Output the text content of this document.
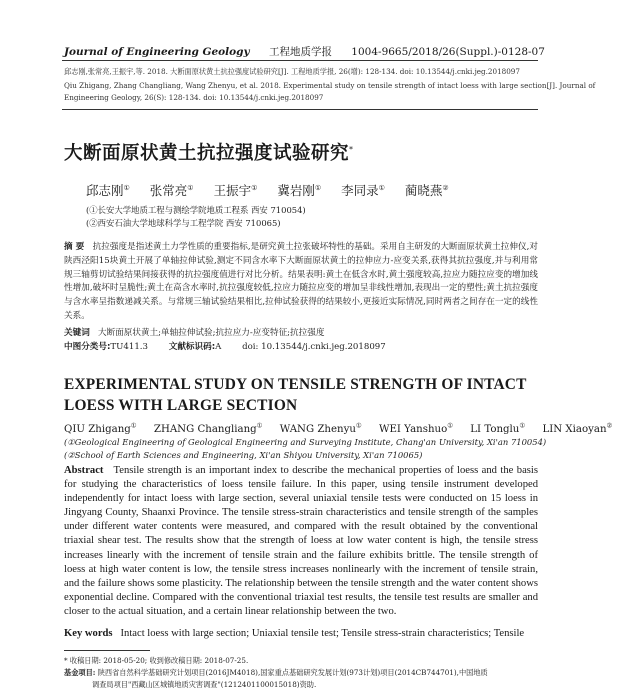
Journal of Engineering Geology 工程地质学报 1004-9665/2018/26(Suppl.)-0128-07
邱志刚,张常亮,王振宇,等. 2018. 大断面原状黄土抗拉强度试验研究[J]. 工程地质学报, 26(增): 128-134. doi: 10.13544/j.cnki.jeg.2018097
Qiu Zhigang, Zhang Changliang, Wang Zhenyu, et al. 2018. Experimental study on tensile strength of intact loess with large section[J]. Journal of
Engineering Geology, 26(S): 128-134. doi: 10.13544/j.cnki.jeg.2018097
大断面原状黄土抗拉强度试验研究*
邱志刚① 张常亮① 王振宇① 冀岩刚① 李同录① 蔺晓燕②
(①长安大学地质工程与测绘学院地质工程系 西安 710054)
(②西安石油大学地球科学与工程学院 西安 710065)
摘 要 抗拉强度是指述黄土力学性质的重要指标,是研究黄土拉张破坏特性的基础。采用自主研发的大断面原状黄土拉伸仪,对陕西泾阳15块黄土开展了单轴拉伸试验,测定不同含水率下大断面原状黄土的拉伸应力-应变关系,获得其抗拉强度,并与利用常规三轴剪切试验结果间接获得的抗拉强度值进行对比分析。结果表明:黄土在低含水时,黄土强度较高,拉应力随拉应变的增加线性增加,破坏时呈脆性;黄土在高含水率时,抗拉强度较低,拉应力随拉应变的增加呈非线性增加,表现出一定的塑性;黄土抗拉强度与含水率呈指数递减关系。与常规三轴试验结果相比,拉伸试验获得的结果较小,更接近实际情况,同时两者之间存在一定的线性关系。
关键词 大断面原状黄土;单轴拉伸试验;抗拉应力-应变特征;抗拉强度
中图分类号:TU411.3 文献标识码:A doi: 10.13544/j.cnki.jeg.2018097
EXPERIMENTAL STUDY ON TENSILE STRENGTH OF INTACT LOESS WITH LARGE SECTION
QIU Zhigang① ZHANG Changliang① WANG Zhenyu① WEI Yanshuo① LI Tonglu① LIN Xiaoyan②
(①Geological Engineering of Geological Engineering and Surveying Institute, Chang'an University, Xi'an 710054)
(②School of Earth Sciences and Engineering, Xi'an Shiyou University, Xi'an 710065)
Abstract Tensile strength is an important index to describe the mechanical properties of loess and the basis for studying the characteristics of loess tensile failure. In this paper, using tensile instrument developed independently for intact loess with large section, several uniaxial tensile tests were conducted on 15 loess in Jingyang County, Shaanxi Province. The tensile stress-strain characteristics and tensile strength of the samples under different water contents were measured, and compared with the result obtained by the conventional triaxial shear test. The results show that the strength of loess at low water content is high, the tensile stress increases linearly with the increment of tensile strain and the failure exhibits brittle. The tensile strength of loess at high water content is low, the tensile stress increases nonlinearly with the increment of tensile strain, and the failure shows some plasticity. The relationship between the tensile strength and the water content shows exponential decline. Compared with the conventional triaxial test results, the tensile test results are smaller and closer to the actual situation, and a certain linear relationship between the two.
Key words Intact loess with large section; Uniaxial tensile test; Tensile stress-strain characteristics; Tensile
* 收稿日期: 2018-05-20; 收到修改稿日期: 2018-07-25.
基金项目: 陕西省自然科学基础研究计划项目(2016JM4018),国家重点基础研究发展计划(973计划)项目(2014CB744701),中国地质
调查局项目"西藏山区城镇地质灾害调查"(1212401100015018)资助.
